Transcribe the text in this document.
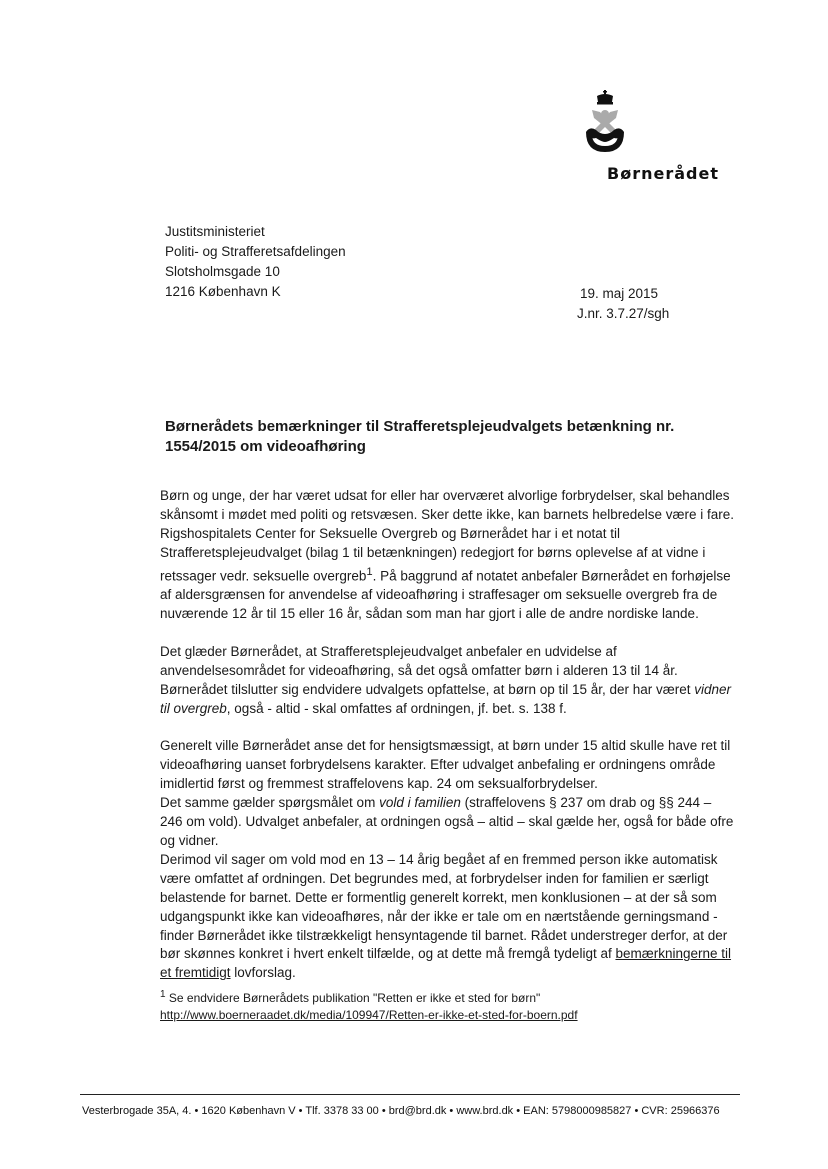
Børnerådet
Justitsministeriet
Politi- og Strafferetsafdelingen
Slotsholmsgade 10
1216 København K	19. maj 2015
J.nr. 3.7.27/sgh
Børnerådets bemærkninger til Strafferetsplejeudvalgets betænkning nr. 1554/2015 om videoafhøring

Børn og unge, der har været udsat for eller har overværet alvorlige forbrydelser, skal behandles skånsomt i mødet med politi og retsvæsen. Sker dette ikke, kan barnets helbredelse være i fare.

Rigshospitalets Center for Seksuelle Overgreb og Børnerådet har i et notat til Strafferetsplejeudvalget (bilag 1 til betænkningen) redegjort for børns oplevelse af at vidne i retssager vedr. seksuelle overgreb$^1$. På baggrund af notatet anbefaler Børnerådet en forhøjelse af aldersgrænsen for anvendelse af videoafhøring i straffesager om seksuelle overgreb fra de nuværende 12 år til 15 eller 16 år, sådan som man har gjort i alle de andre nordiske lande.

Det glæder Børnerådet, at Strafferetsplejeudvalget anbefaler en udvidelse af anvendelsesområdet for videoafhøring, så det også omfatter børn i alderen 13 til 14 år.

Børnerådet tilslutter sig endvidere udvalgets opfattelse, at børn op til 15 år, der har været vidner til overgreb, også - altid - skal omfattes af ordningen, jf. bet. s. 138 f.

Generelt ville Børnerådet anse det for hensigtsmæssigt, at børn under 15 altid skulle have ret til videoafhøring uanset forbrydelsens karakter. Efter udvalget anbefaling er ordningens område imidlertid først og fremmest straffelovens kap. 24 om seksualforbrydelser.

Det samme gælder spørgsmålet om vold i familien (straffelovens § 237 om drab og §§ 244 – 246 om vold). Udvalget anbefaler, at ordningen også – altid – skal gælde her, også for både ofre og vidner.

Derimod vil sager om vold mod en 13 – 14 årig begået af en fremmed person ikke automatisk være omfattet af ordningen. Det begrundes med, at forbrydelser inden for familien er særligt belastende for barnet. Dette er formentlig generelt korrekt, men konklusionen – at der så som udgangspunkt ikke kan videoafhøres, når der ikke er tale om en nærtstående gerningsmand - finder Børnerådet ikke tilstrækkeligt hensyntagende til barnet. Rådet understreger derfor, at der bør skønnes konkret i hvert enkelt tilfælde, og at dette må fremgå tydeligt af bemærkningerne til et fremtidigt lovforslag.

$^1$ Se endvidere Børnerådets publikation "Retten er ikke et sted for børn"
http://www.boerneraadet.dk/media/109947/Retten-er-ikke-et-sted-for-boern.pdf
Vesterbrogade 35A, 4. • 1620 København V • Tlf. 3378 33 00 • brd@brd.dk • www.brd.dk • EAN: 5798000985827 • CVR: 25966376
